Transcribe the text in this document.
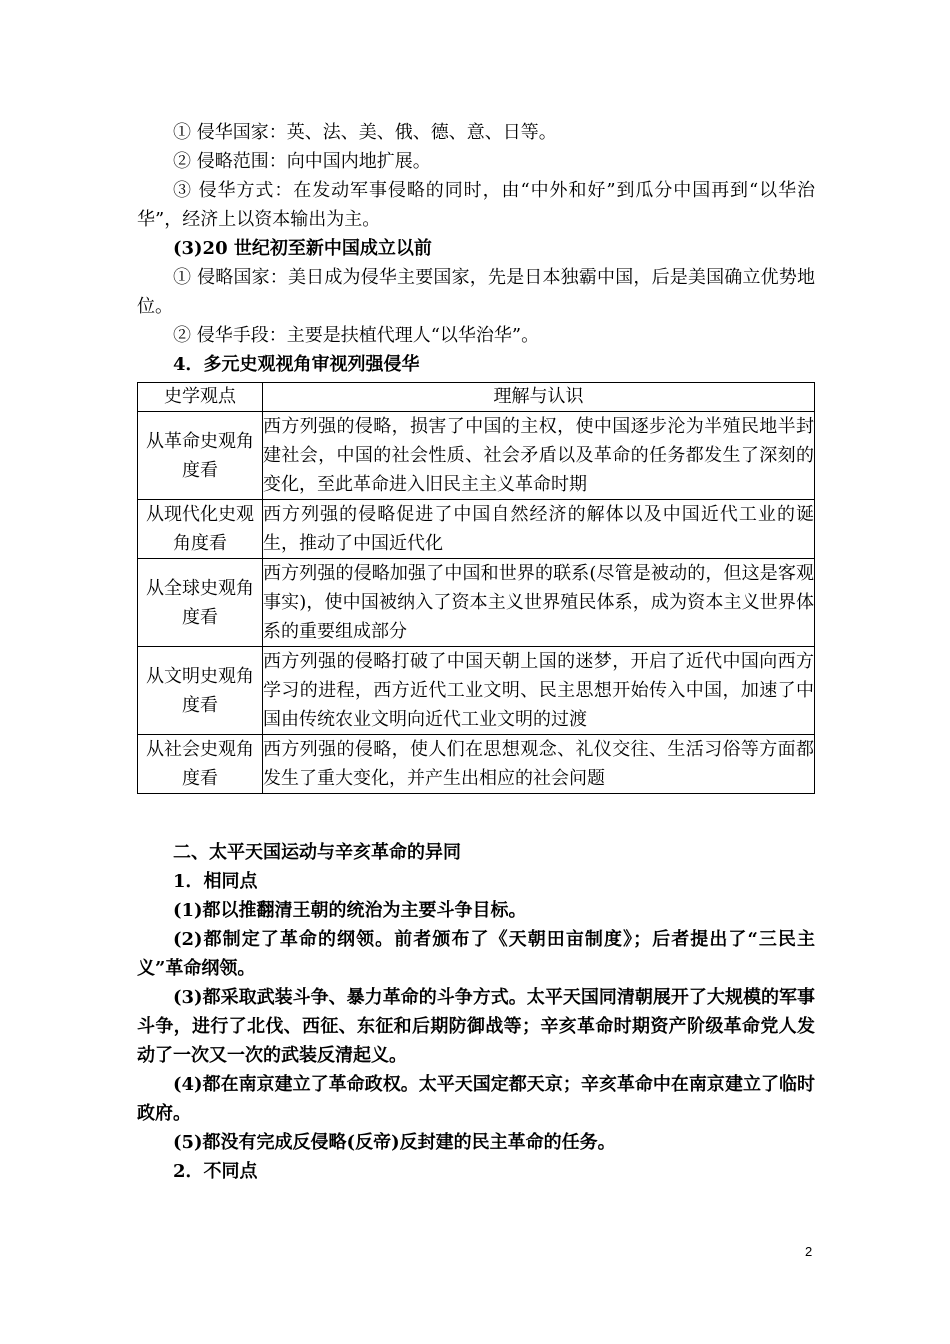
① 侵华国家：英、法、美、俄、德、意、日等。

② 侵略范围：向中国内地扩展。

③ 侵华方式：在发动军事侵略的同时，由“中外和好”到瓜分中国再到“以华治华”，经济上以资本输出为主。

(3)20 世纪初至新中国成立以前

① 侵略国家：美日成为侵华主要国家，先是日本独霸中国，后是美国确立优势地位。

② 侵华手段：主要是扶植代理人“以华治华”。

4．多元史观视角审视列强侵华

史学观点	理解与认识
从革命史观角度看	西方列强的侵略，损害了中国的主权，使中国逐步沦为半殖民地半封建社会，中国的社会性质、社会矛盾以及革命的任务都发生了深刻的变化，至此革命进入旧民主主义革命时期
从现代化史观角度看	西方列强的侵略促进了中国自然经济的解体以及中国近代工业的诞生，推动了中国近代化
从全球史观角度看	西方列强的侵略加强了中国和世界的联系(尽管是被动的，但这是客观事实)，使中国被纳入了资本主义世界殖民体系，成为资本主义世界体系的重要组成部分
从文明史观角度看	西方列强的侵略打破了中国天朝上国的迷梦，开启了近代中国向西方学习的进程，西方近代工业文明、民主思想开始传入中国，加速了中国由传统农业文明向近代工业文明的过渡
从社会史观角度看	西方列强的侵略，使人们在思想观念、礼仪交往、生活习俗等方面都发生了重大变化，并产生出相应的社会问题

二、太平天国运动与辛亥革命的异同

1．相同点

(1)都以推翻清王朝的统治为主要斗争目标。

(2)都制定了革命的纲领。前者颁布了《天朝田亩制度》；后者提出了“三民主义”革命纲领。

(3)都采取武装斗争、暴力革命的斗争方式。太平天国同清朝展开了大规模的军事斗争，进行了北伐、西征、东征和后期防御战等；辛亥革命时期资产阶级革命党人发动了一次又一次的武装反清起义。

(4)都在南京建立了革命政权。太平天国定都天京；辛亥革命中在南京建立了临时政府。

(5)都没有完成反侵略(反帝)反封建的民主革命的任务。

2．不同点

2
